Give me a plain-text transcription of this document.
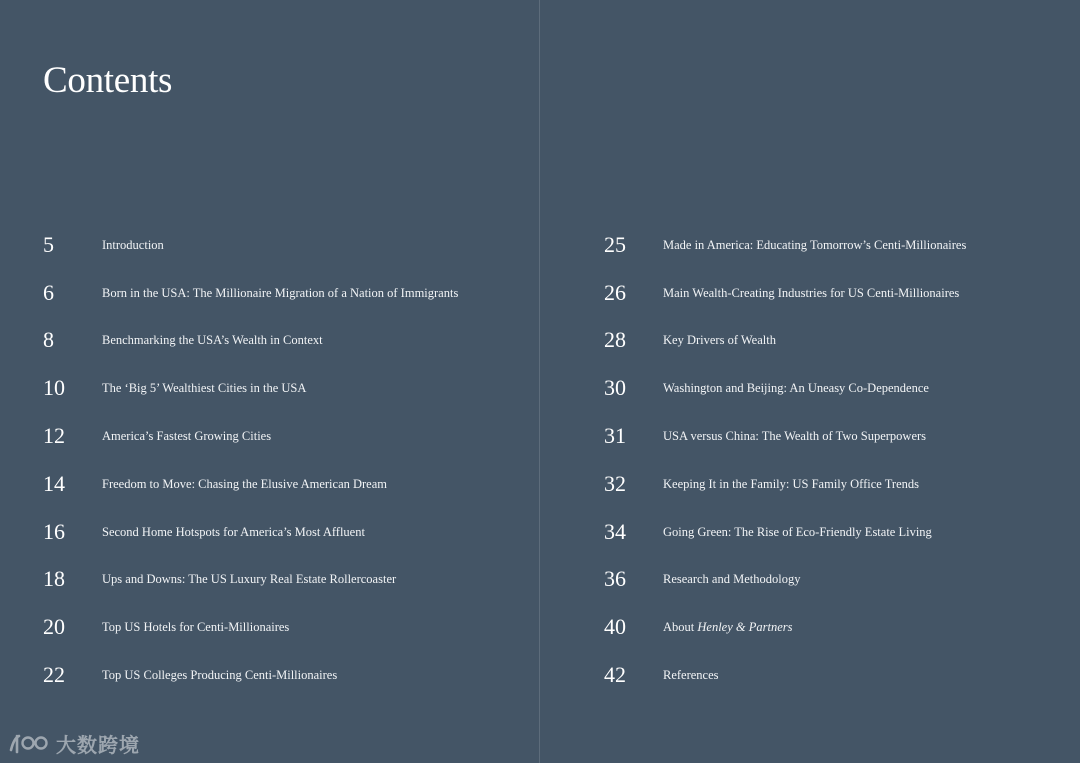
Contents
5	Introduction
6	Born in the USA: The Millionaire Migration of a Nation of Immigrants
8	Benchmarking the USA’s Wealth in Context
10	The ‘Big 5’ Wealthiest Cities in the USA
12	America’s Fastest Growing Cities
14	Freedom to Move: Chasing the Elusive American Dream
16	Second Home Hotspots for America’s Most Affluent
18	Ups and Downs: The US Luxury Real Estate Rollercoaster
20	Top US Hotels for Centi-Millionaires
22	Top US Colleges Producing Centi-Millionaires
25	Made in America: Educating Tomorrow’s Centi-Millionaires
26	Main Wealth-Creating Industries for US Centi-Millionaires
28	Key Drivers of Wealth
30	Washington and Beijing: An Uneasy Co-Dependence
31	USA versus China: The Wealth of Two Superpowers
32	Keeping It in the Family: US Family Office Trends
34	Going Green: The Rise of Eco-Friendly Estate Living
36	Research and Methodology
40	About Henley & Partners
42	References
大数跨境
